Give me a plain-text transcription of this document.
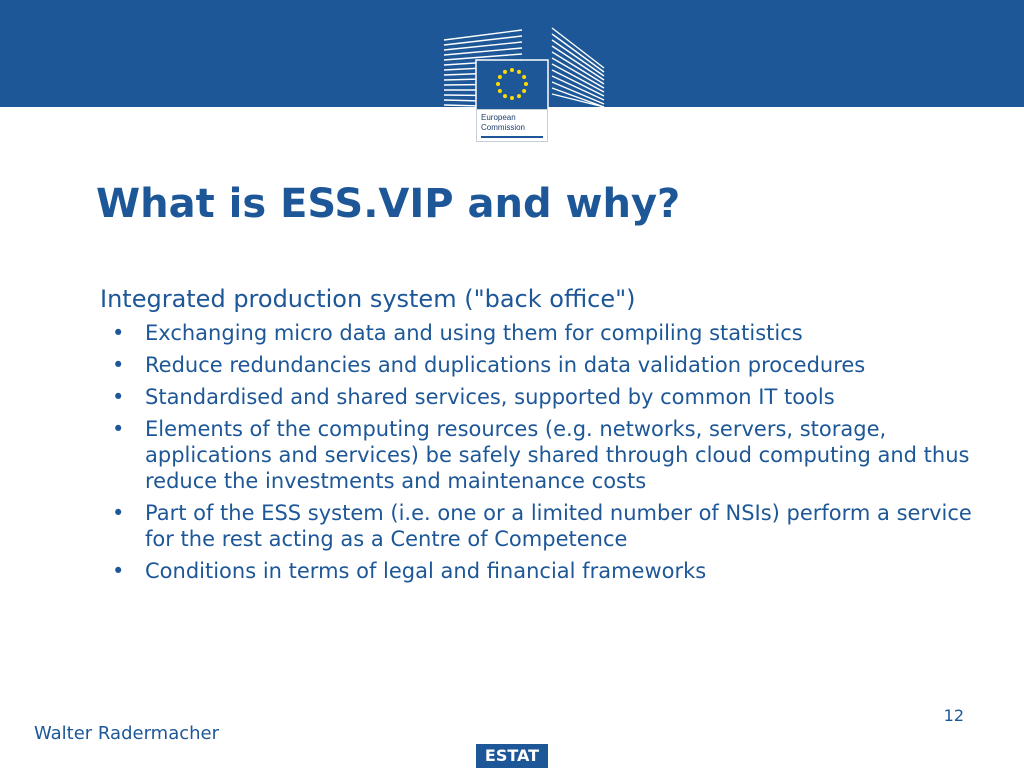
European
Commission
What is ESS.VIP and why?

Integrated production system ("back office")

• Exchanging micro data and using them for compiling statistics
• Reduce redundancies and duplications in data validation procedures
• Standardised and shared services, supported by common IT tools
• Elements of the computing resources (e.g. networks, servers, storage, applications and services) be safely shared through cloud computing and thus reduce the investments and maintenance costs
• Part of the ESS system (i.e. one or a limited number of NSIs) perform a service for the rest acting as a Centre of Competence
• Conditions in terms of legal and financial frameworks
Walter Radermacher
12
ESTAT
